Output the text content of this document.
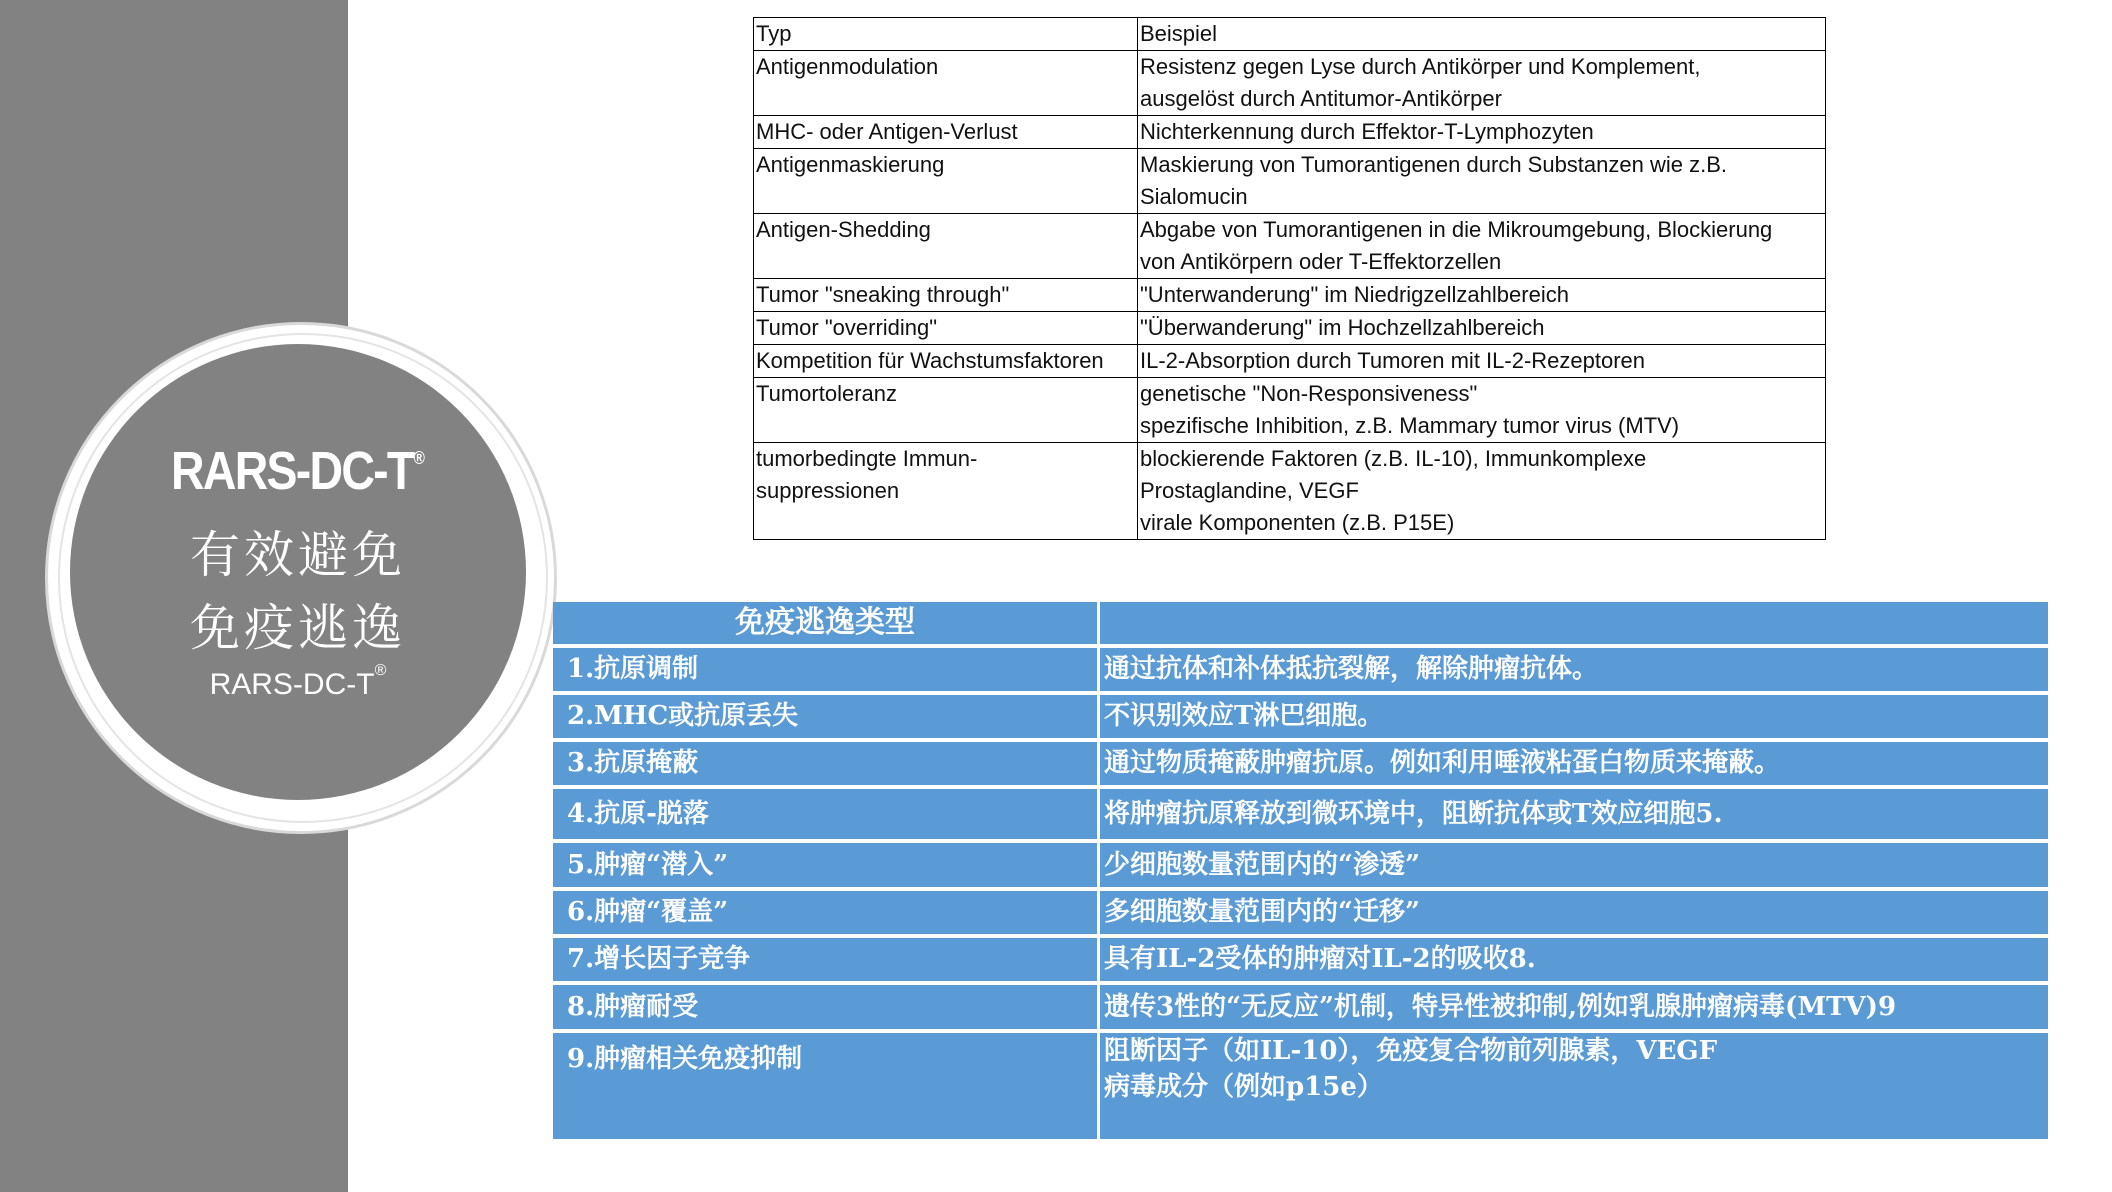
RARS-DC-T®
有效避免
免疫逃逸
RARS-DC-T®
Typ	Beispiel
Antigenmodulation	Resistenz gegen Lyse durch Antikörper und Komplement,
ausgelöst durch Antitumor-Antikörper
MHC- oder Antigen-Verlust	Nichterkennung durch Effektor-T-Lymphozyten
Antigenmaskierung	Maskierung von Tumorantigenen durch Substanzen wie z.B.
Sialomucin
Antigen-Shedding	Abgabe von Tumorantigenen in die Mikroumgebung, Blockierung
von Antikörpern oder T-Effektorzellen
Tumor "sneaking through"	"Unterwanderung" im Niedrigzellzahlbereich
Tumor "overriding"	"Überwanderung" im Hochzellzahlbereich
Kompetition für Wachstumsfaktoren	IL-2-Absorption durch Tumoren mit IL-2-Rezeptoren
Tumortoleranz	genetische "Non-Responsiveness"
spezifische Inhibition, z.B. Mammary tumor virus (MTV)
tumorbedingte Immun-
suppressionen	blockierende Faktoren (z.B. IL-10), Immunkomplexe
Prostaglandine, VEGF
virale Komponenten (z.B. P15E)
免疫逃逸类型
1.抗原调制	通过抗体和补体抵抗裂解，解除肿瘤抗体。
2.MHC或抗原丢失	不识别效应T淋巴细胞。
3.抗原掩蔽	通过物质掩蔽肿瘤抗原。例如利用唾液粘蛋白物质来掩蔽。
4.抗原-脱落	将肿瘤抗原释放到微环境中，阻断抗体或T效应细胞5.
5.肿瘤“潜入”	少细胞数量范围内的“渗透”
6.肿瘤“覆盖”	多细胞数量范围内的“迁移”
7.增长因子竞争	具有IL-2受体的肿瘤对IL-2的吸收8.
8.肿瘤耐受	遗传3性的“无反应”机制，特异性被抑制,例如乳腺肿瘤病毒(MTV)9
9.肿瘤相关免疫抑制	阻断因子（如IL-10），免疫复合物前列腺素，VEGF
病毒成分（例如p15e）
